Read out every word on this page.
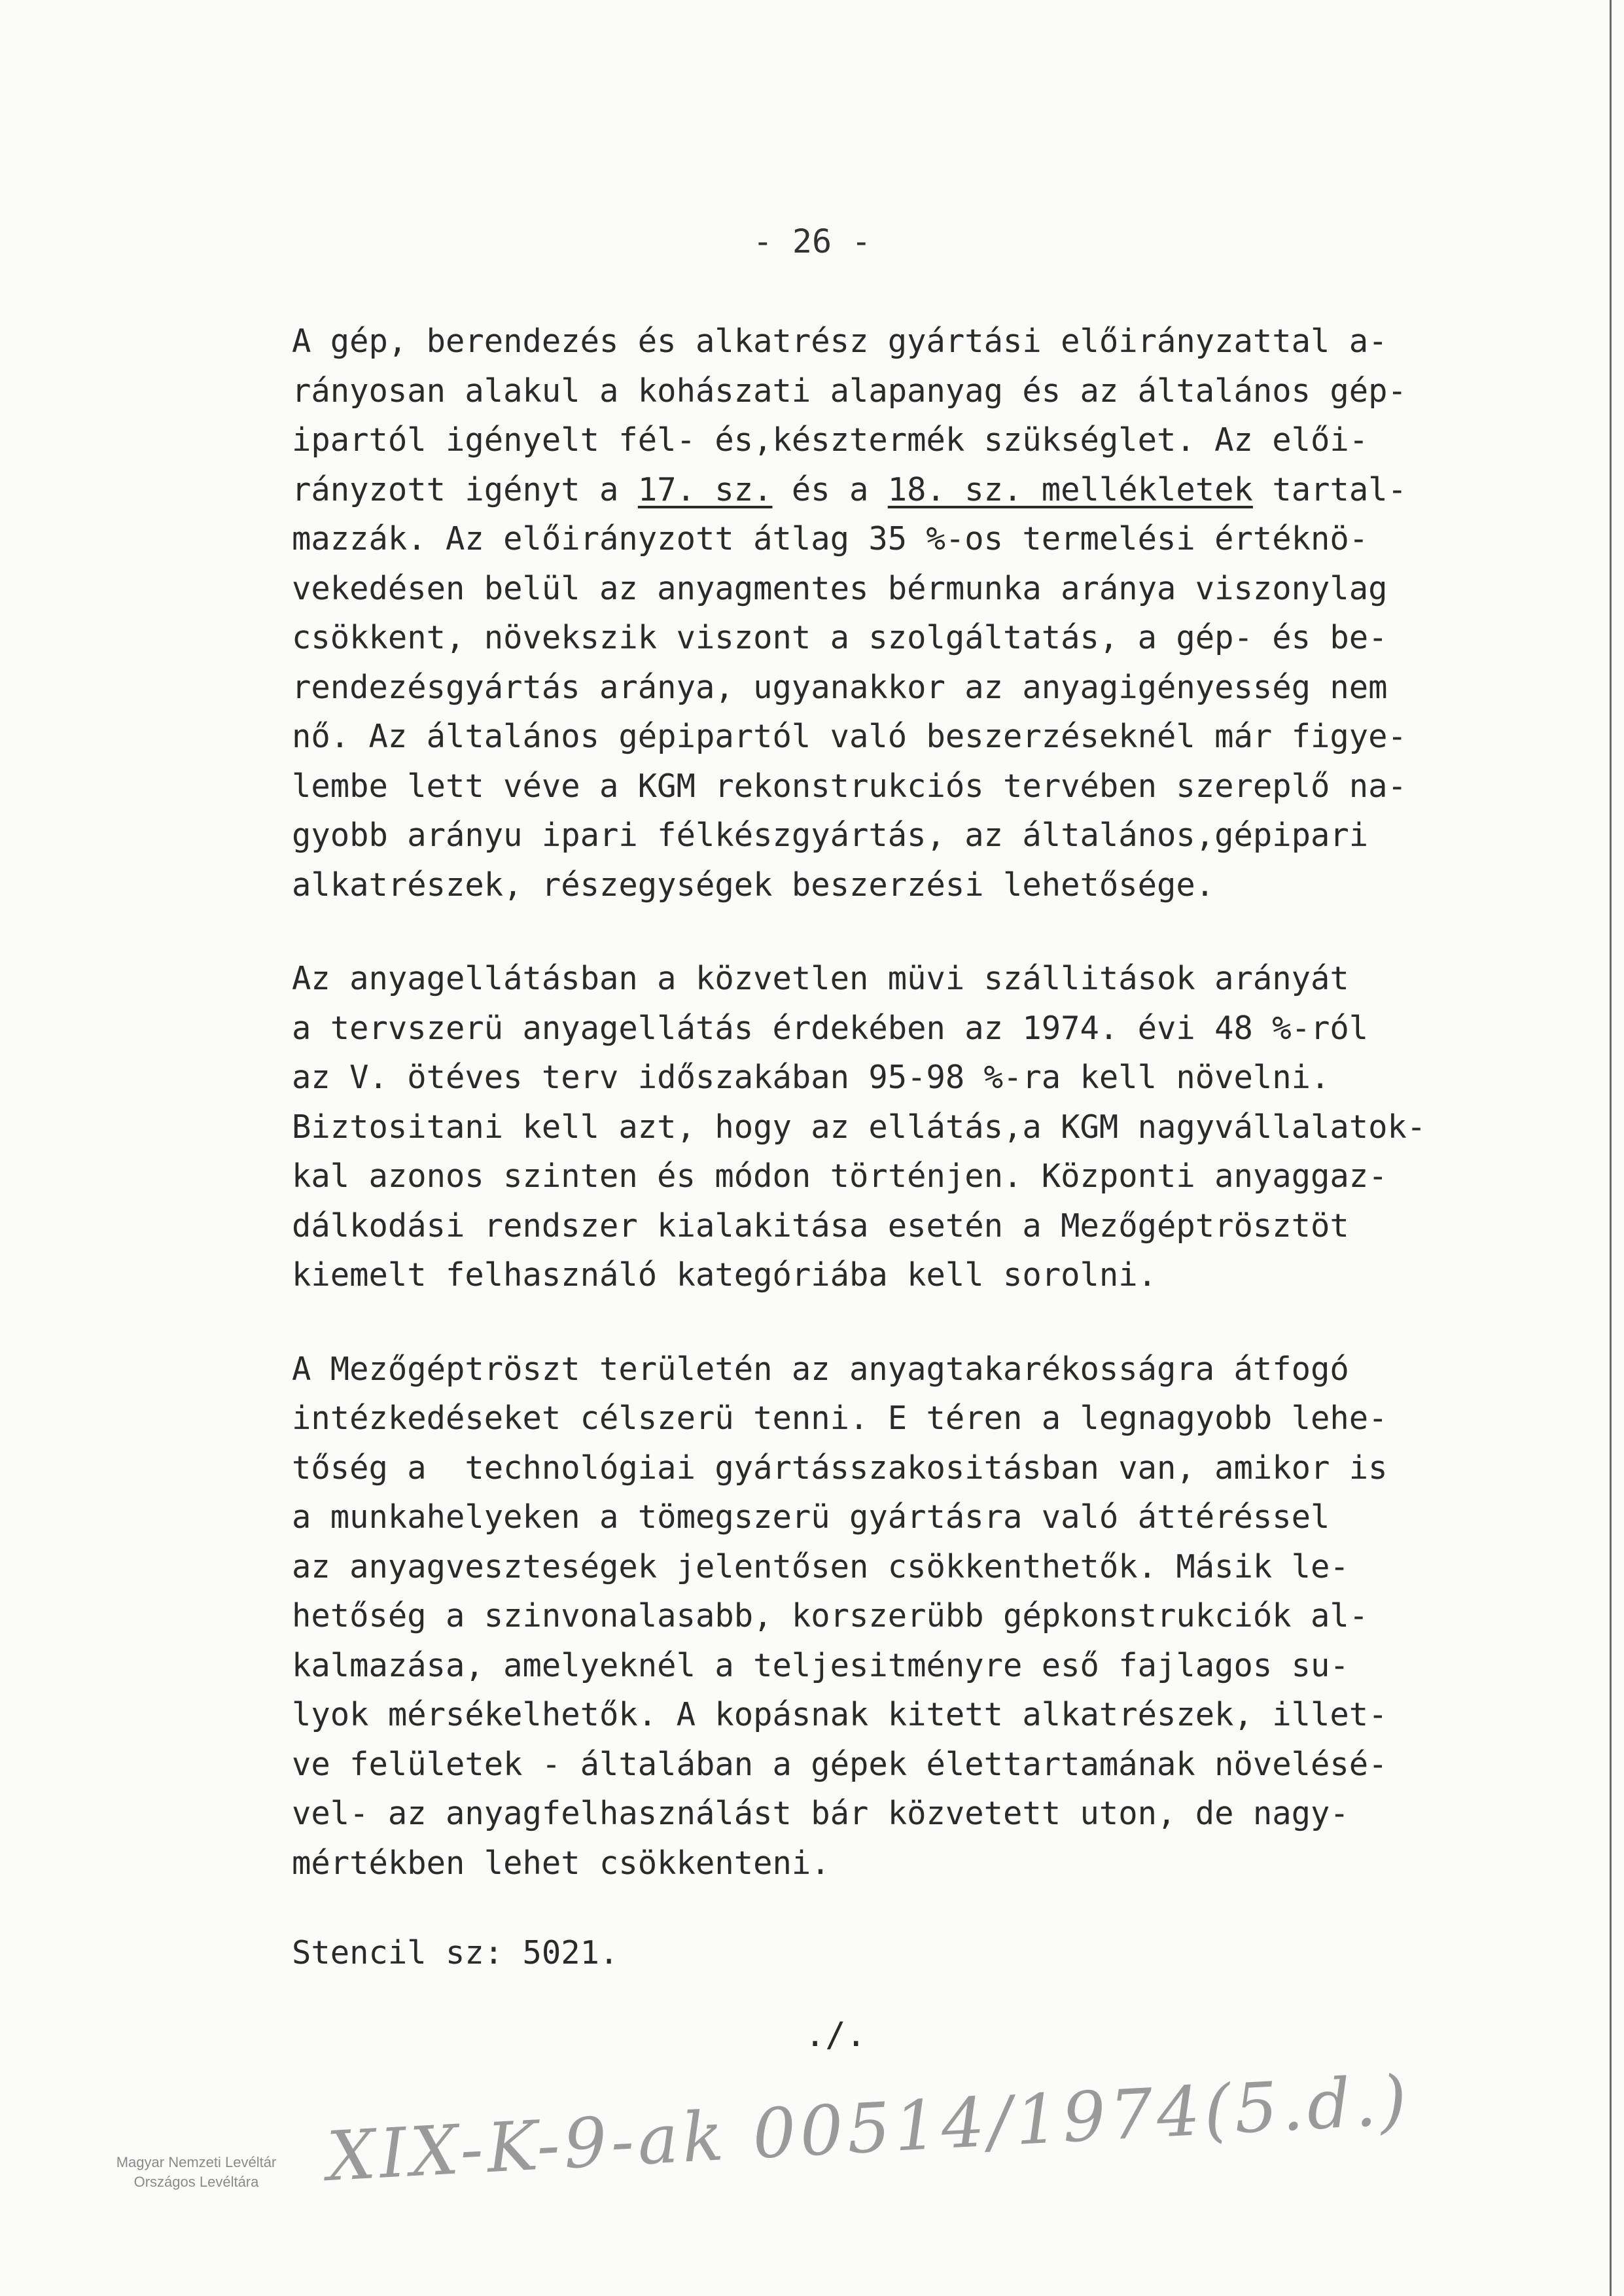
- 26 -

A gép, berendezés és alkatrész gyártási előirányzattal a-
rányosan alakul a kohászati alapanyag és az általános gép-
ipartól igényelt fél- és,késztermék szükséglet. Az elői-
rányzott igényt a 17. sz. és a 18. sz. mellékletek tartal-
mazzák. Az előirányzott átlag 35 %-os termelési értéknö-
vekedésen belül az anyagmentes bérmunka aránya viszonylag
csökkent, növekszik viszont a szolgáltatás, a gép- és be-
rendezésgyártás aránya, ugyanakkor az anyagigényesség nem
nő. Az általános gépipartól való beszerzéseknél már figye-
lembe lett véve a KGM rekonstrukciós tervében szereplő na-
gyobb arányu ipari félkészgyártás, az általános,gépipari
alkatrészek, részegységek beszerzési lehetősége.

Az anyagellátásban a közvetlen müvi szállitások arányát
a tervszerü anyagellátás érdekében az 1974. évi 48 %-ról
az V. ötéves terv időszakában 95-98 %-ra kell növelni.
Biztositani kell azt, hogy az ellátás,a KGM nagyvállalatok-
kal azonos szinten és módon történjen. Központi anyaggaz-
dálkodási rendszer kialakitása esetén a Mezőgéptrösztöt
kiemelt felhasználó kategóriába kell sorolni.

A Mezőgéptröszt területén az anyagtakarékosságra átfogó
intézkedéseket célszerü tenni. E téren a legnagyobb lehe-
tőség a  technológiai gyártásszakositásban van, amikor is
a munkahelyeken a tömegszerü gyártásra való áttéréssel
az anyagveszteségek jelentősen csökkenthetők. Másik le-
hetőség a szinvonalasabb, korszerübb gépkonstrukciók al-
kalmazása, amelyeknél a teljesitményre eső fajlagos su-
lyok mérsékelhetők. A kopásnak kitett alkatrészek, illet-
ve felületek - általában a gépek élettartamának növelésé-
vel- az anyagfelhasználást bár közvetett uton, de nagy-
mértékben lehet csökkenteni.

Stencil sz: 5021.
./.
Magyar Nemzeti Levéltár
Országos Levéltára XIX-K-9-ak 00514/1974(5.d.)
